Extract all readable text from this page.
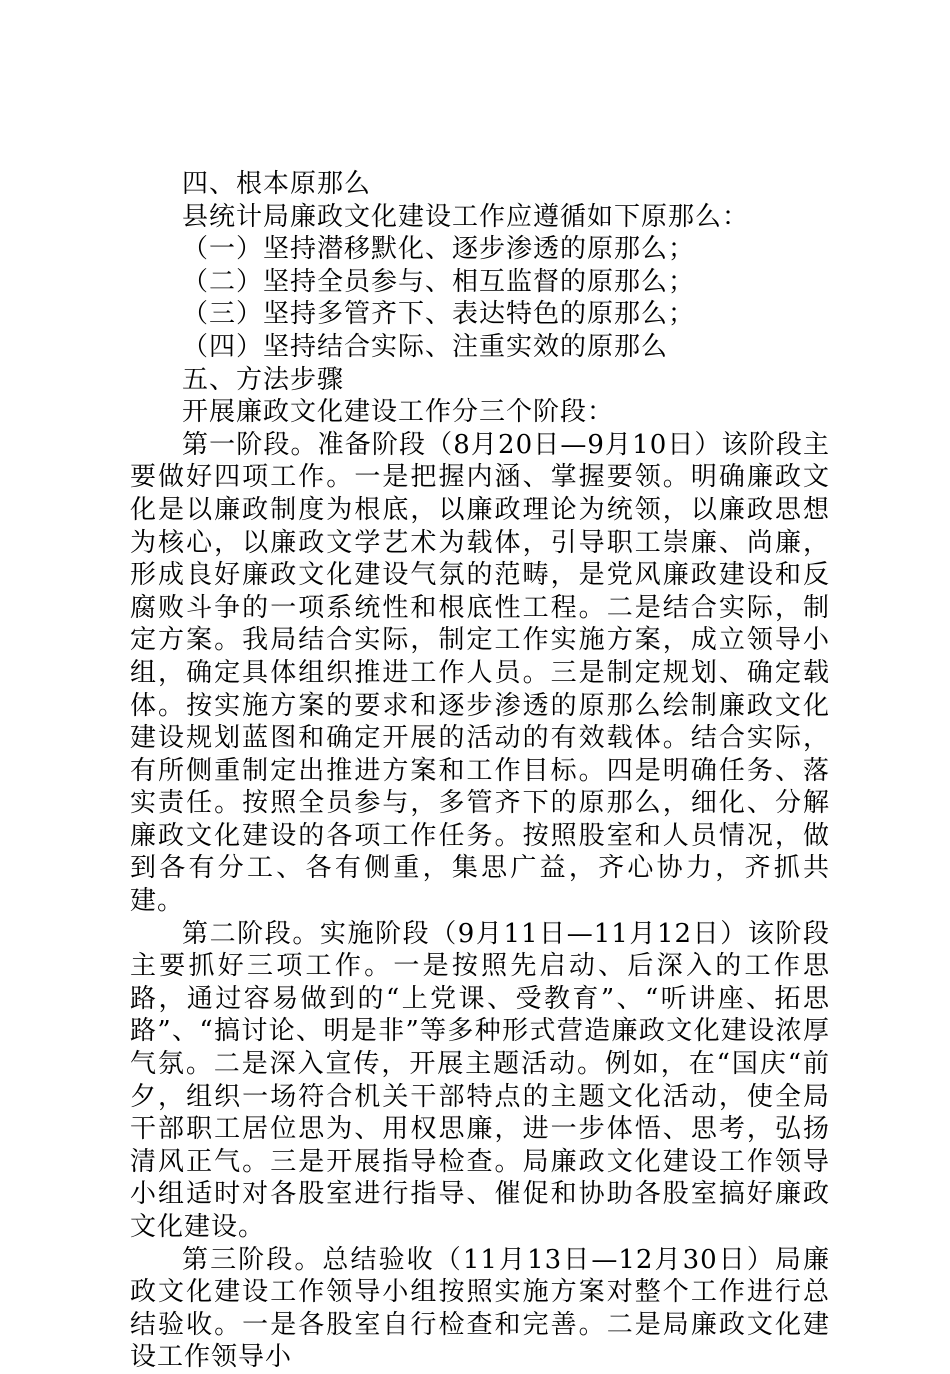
四、根本原那么

县统计局廉政文化建设工作应遵循如下原那么：

（一）坚持潜移默化、逐步渗透的原那么；

（二）坚持全员参与、相互监督的原那么；

（三）坚持多管齐下、表达特色的原那么；

（四）坚持结合实际、注重实效的原那么

五、方法步骤

开展廉政文化建设工作分三个阶段：

第一阶段。准备阶段（8月20日—9月10日）该阶段主要做好四项工作。一是把握内涵、掌握要领。明确廉政文化是以廉政制度为根底，以廉政理论为统领，以廉政思想为核心，以廉政文学艺术为载体，引导职工崇廉、尚廉，形成良好廉政文化建设气氛的范畴，是党风廉政建设和反腐败斗争的一项系统性和根底性工程。二是结合实际，制定方案。我局结合实际，制定工作实施方案，成立领导小组，确定具体组织推进工作人员。三是制定规划、确定载体。按实施方案的要求和逐步渗透的原那么绘制廉政文化建设规划蓝图和确定开展的活动的有效载体。结合实际，有所侧重制定出推进方案和工作目标。四是明确任务、落实责任。按照全员参与，多管齐下的原那么，细化、分解廉政文化建设的各项工作任务。按照股室和人员情况，做到各有分工、各有侧重，集思广益，齐心协力，齐抓共建。

第二阶段。实施阶段（9月11日—11月12日）该阶段主要抓好三项工作。一是按照先启动、后深入的工作思路，通过容易做到的“上党课、受教育”、“听讲座、拓思路”、“搞讨论、明是非”等多种形式营造廉政文化建设浓厚气氛。二是深入宣传，开展主题活动。例如，在“国庆“前夕，组织一场符合机关干部特点的主题文化活动，使全局干部职工居位思为、用权思廉，进一步体悟、思考，弘扬清风正气。三是开展指导检查。局廉政文化建设工作领导小组适时对各股室进行指导、催促和协助各股室搞好廉政文化建设。

第三阶段。总结验收（11月13日—12月30日）局廉政文化建设工作领导小组按照实施方案对整个工作进行总结验收。一是各股室自行检查和完善。二是局廉政文化建设工作领导小
